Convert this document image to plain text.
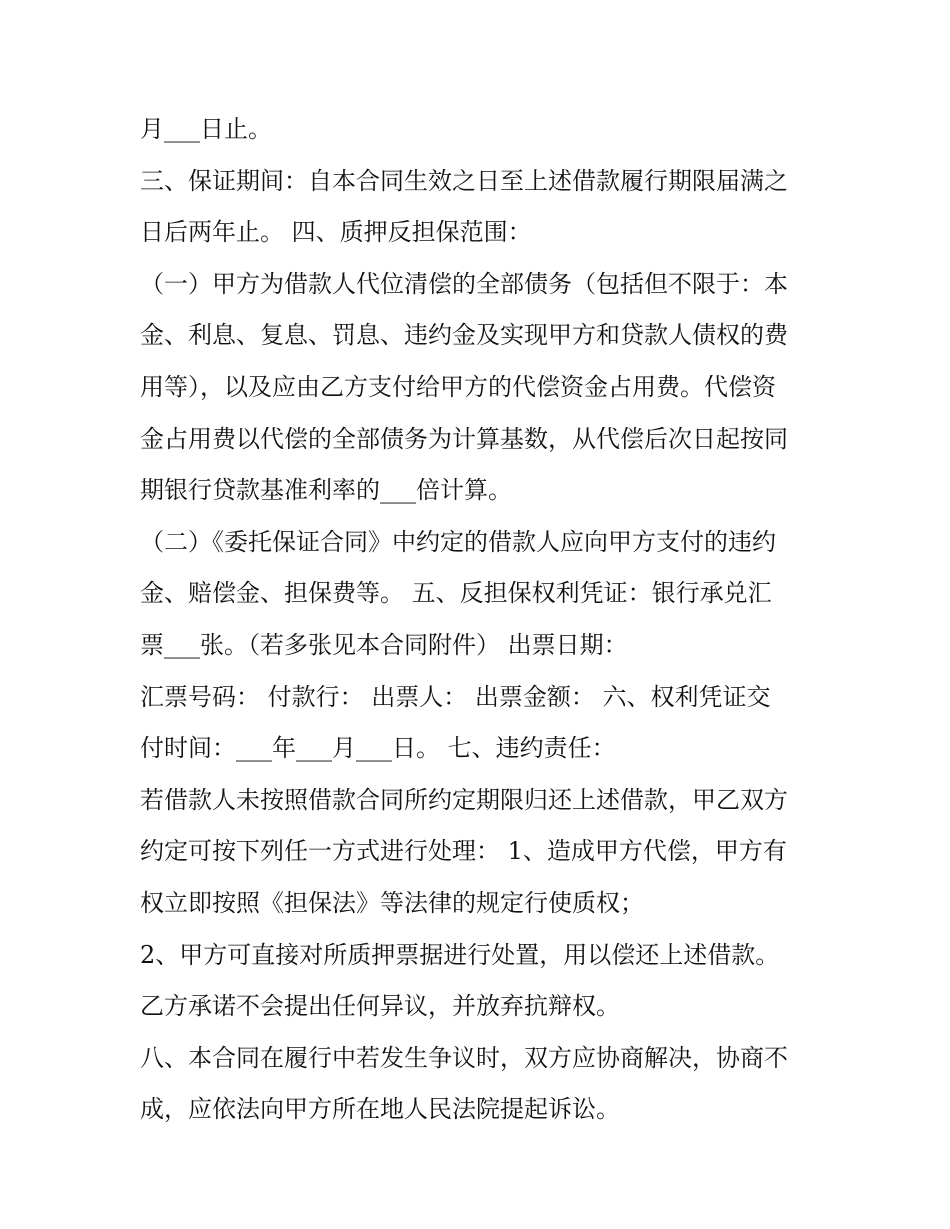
月___日止。
三、保证期间：自本合同生效之日至上述借款履行期限届满之
日后两年止。 四、质押反担保范围：
（一）甲方为借款人代位清偿的全部债务（包括但不限于：本
金、利息、复息、罚息、违约金及实现甲方和贷款人债权的费
用等），以及应由乙方支付给甲方的代偿资金占用费。代偿资
金占用费以代偿的全部债务为计算基数，从代偿后次日起按同
期银行贷款基准利率的___倍计算。
（二）《委托保证合同》中约定的借款人应向甲方支付的违约
金、赔偿金、担保费等。 五、反担保权利凭证：银行承兑汇
票___张。（若多张见本合同附件） 出票日期：
汇票号码： 付款行： 出票人： 出票金额： 六、权利凭证交
付时间：___年___月___日。 七、违约责任：
若借款人未按照借款合同所约定期限归还上述借款，甲乙双方
约定可按下列任一方式进行处理： 1、造成甲方代偿，甲方有
权立即按照《担保法》等法律的规定行使质权；
2、甲方可直接对所质押票据进行处置，用以偿还上述借款。
乙方承诺不会提出任何异议，并放弃抗辩权。
八、本合同在履行中若发生争议时，双方应协商解决，协商不
成，应依法向甲方所在地人民法院提起诉讼。
